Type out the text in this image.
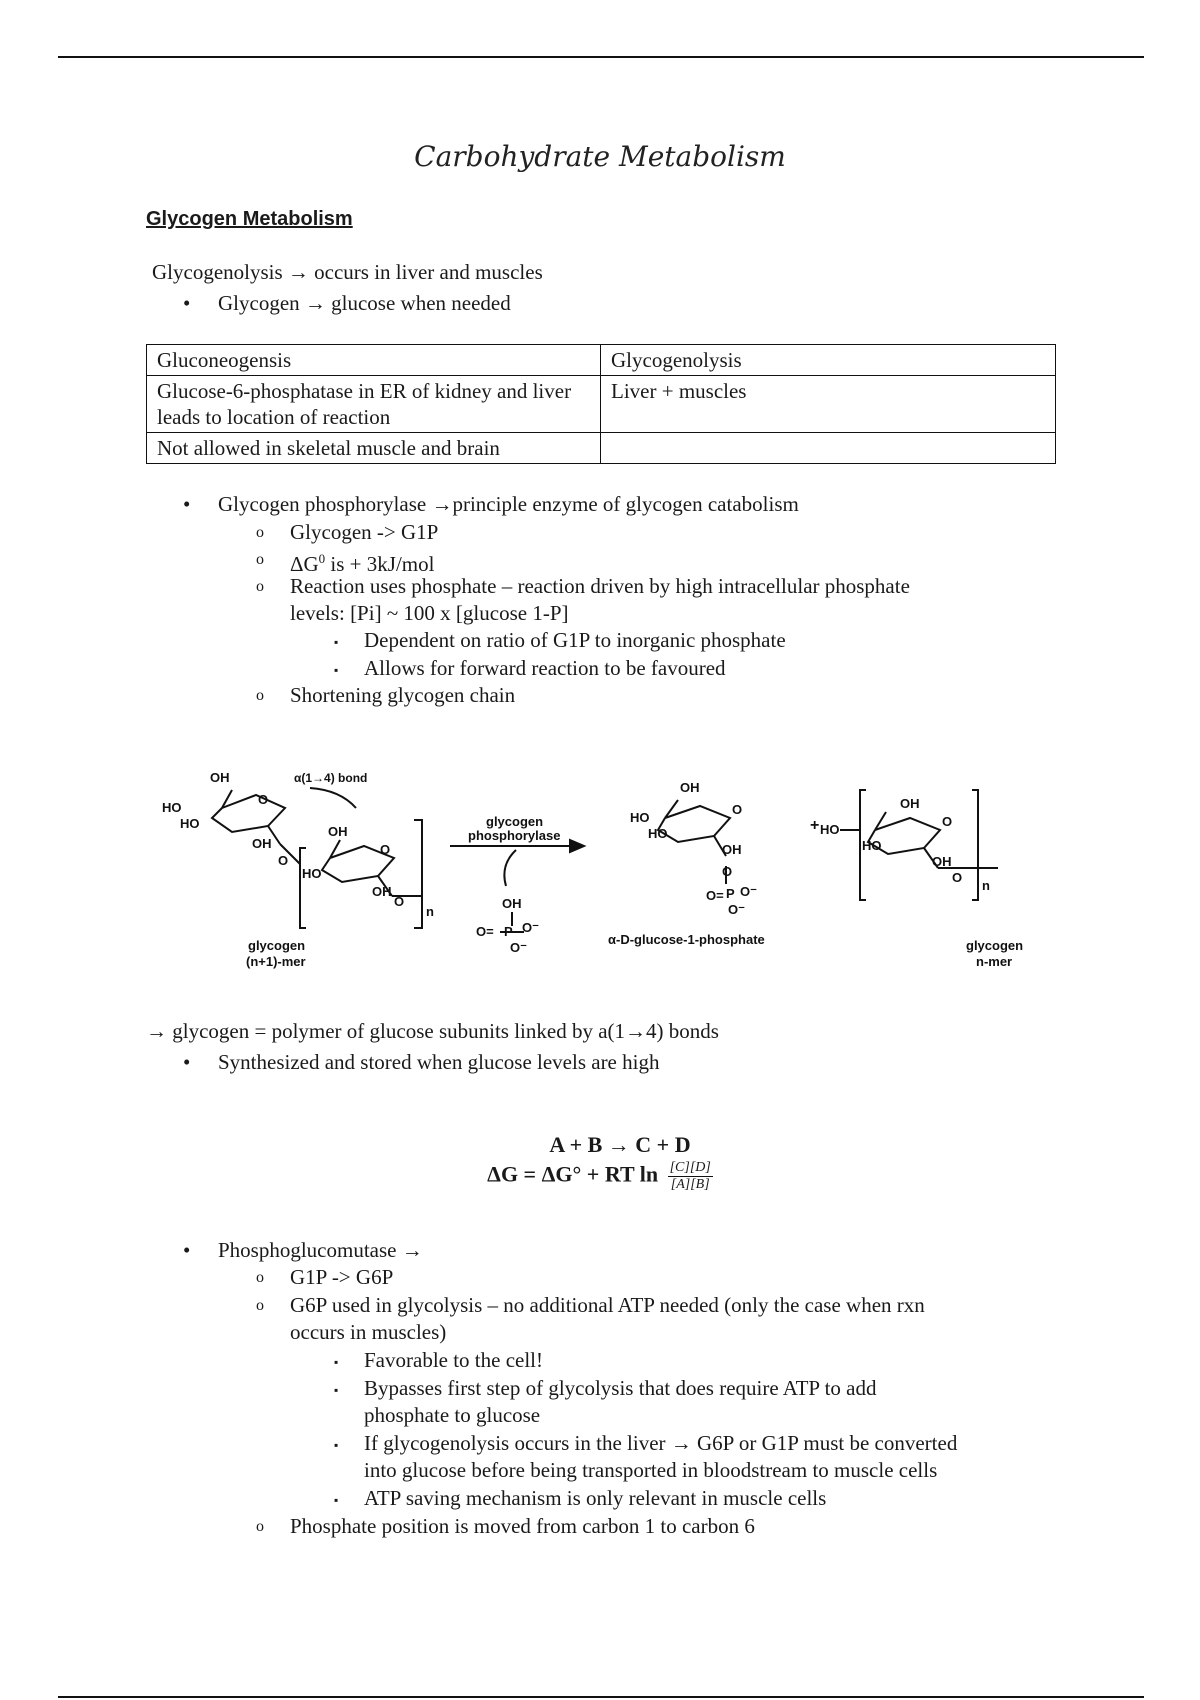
Carbohydrate Metabolism
Glycogen Metabolism
Glycogenolysis → occurs in liver and muscles
• Glycogen → glucose when needed
Gluconeogensis	Glycogenolysis
Glucose-6-phosphatase in ER of kidney and liver leads to location of reaction	Liver + muscles
Not allowed in skeletal muscle and brain	
• Glycogen phosphorylase →principle enzyme of glycogen catabolism
o Glycogen -> G1P
o $\Delta G^0$ is + 3kJ/mol
o Reaction uses phosphate – reaction driven by high intracellular phosphate
levels: [Pi] ~ 100 x [glucose 1-P]
▪ Dependent on ratio of G1P to inorganic phosphate
▪ Allows for forward reaction to be favoured
o Shortening glycogen chain
OH
HO
HO
O
OH
α(1→4) bond
O
OH
HO
O
OH
O
n
glycogen
(n+1)-mer
glycogen
phosphorylase
OH
O= P O⁻
O⁻
OH
HO
HO
O
OH
O
O= P O⁻
O⁻
α-D-glucose-1-phosphate
+
OH
HO
HO
O
OH
O
n
glycogen
n-mer
→ glycogen = polymer of glucose subunits linked by a(1→4) bonds
• Synthesized and stored when glucose levels are high
A + B → C + D
ΔG = ΔG° + RT $\ln \frac{[C][D]}{[A][B]}$
• Phosphoglucomutase →
o G1P -> G6P
o G6P used in glycolysis – no additional ATP needed (only the case when rxn
occurs in muscles)
▪ Favorable to the cell!
▪ Bypasses first step of glycolysis that does require ATP to add
phosphate to glucose
▪ If glycogenolysis occurs in the liver → G6P or G1P must be converted
into glucose before being transported in bloodstream to muscle cells
▪ ATP saving mechanism is only relevant in muscle cells
o Phosphate position is moved from carbon 1 to carbon 6
